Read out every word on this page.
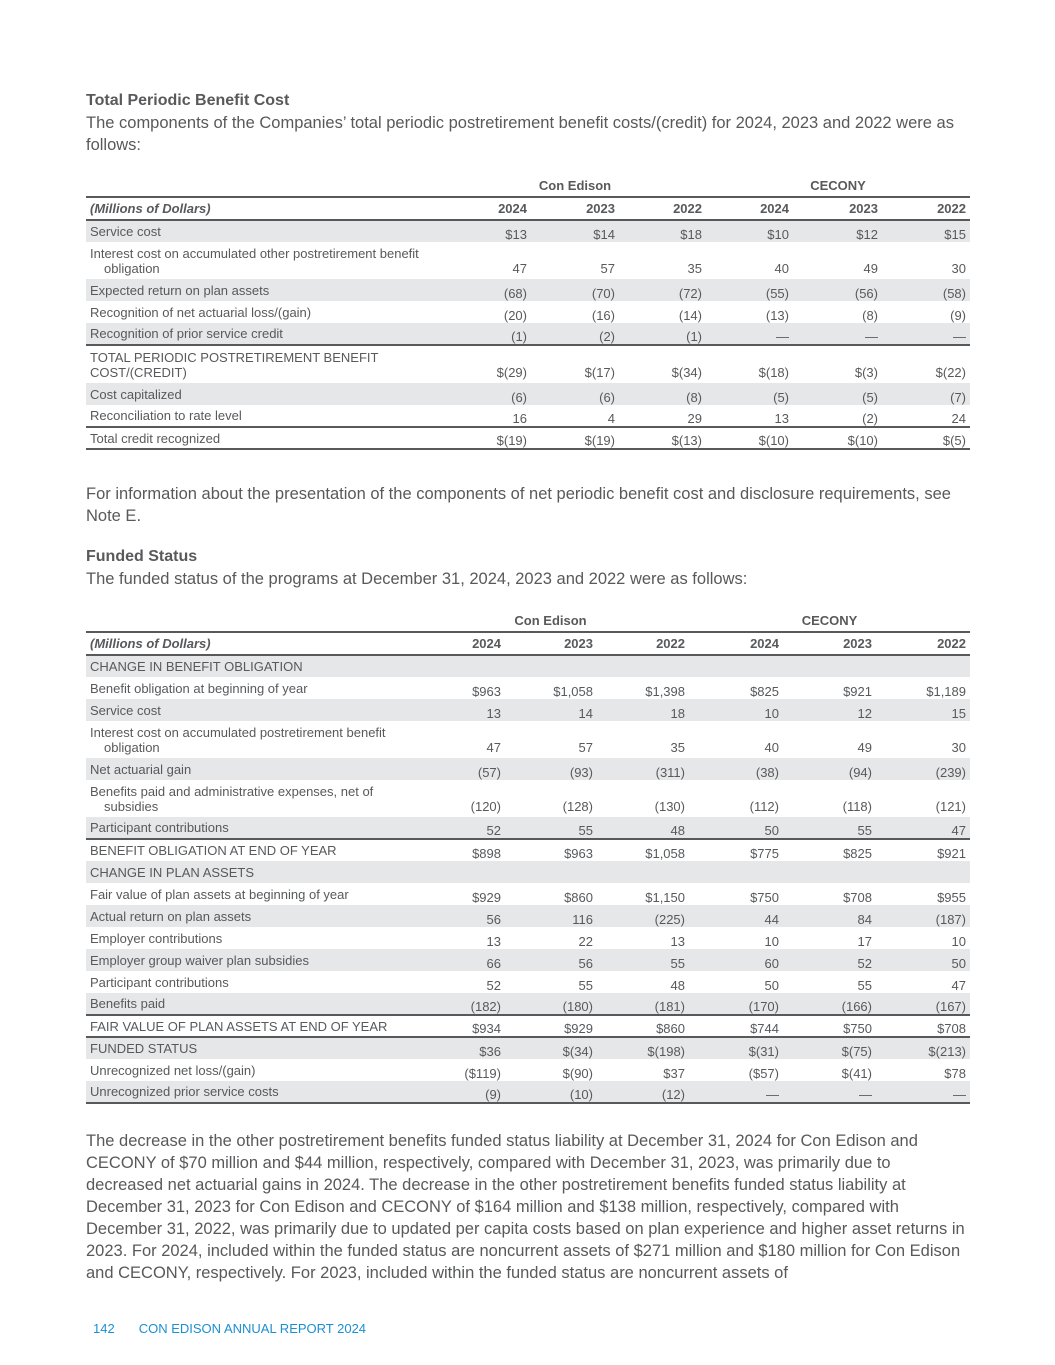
Total Periodic Benefit Cost
The components of the Companies’ total periodic postretirement benefit costs/(credit) for 2024, 2023 and 2022 were as follows:
	Con Edison			CECONY		
(Millions of Dollars)	2024	2023	2022	2024	2023	2022
Service cost	$13	$14	$18	$10	$12	$15

Interest cost on accumulated other postretirement benefit
obligation	47	57	35	40	49	30
Expected return on plan assets	(68)	(70)	(72)	(55)	(56)	(58)
Recognition of net actuarial loss/(gain)	(20)	(16)	(14)	(13)	(8)	(9)
Recognition of prior service credit	(1)	(2)	(1)	—	—	—

TOTAL PERIODIC POSTRETIREMENT BENEFIT
COST/(CREDIT)	$(29)	$(17)	$(34)	$(18)	$(3)	$(22)
Cost capitalized	(6)	(6)	(8)	(5)	(5)	(7)
Reconciliation to rate level	16	4	29	13	(2)	24
Total credit recognized	$(19)	$(19)	$(13)	$(10)	$(10)	$(5)
For information about the presentation of the components of net periodic benefit cost and disclosure requirements, see Note E.
Funded Status
The funded status of the programs at December 31, 2024, 2023 and 2022 were as follows:
	Con Edison			CECONY		
(Millions of Dollars)	2024	2023	2022	2024	2023	2022
CHANGE IN BENEFIT OBLIGATION						
Benefit obligation at beginning of year	$963	$1,058	$1,398	$825	$921	$1,189
Service cost	13	14	18	10	12	15

Interest cost on accumulated postretirement benefit
obligation	47	57	35	40	49	30
Net actuarial gain	(57)	(93)	(311)	(38)	(94)	(239)

Benefits paid and administrative expenses, net of
subsidies	(120)	(128)	(130)	(112)	(118)	(121)
Participant contributions	52	55	48	50	55	47
BENEFIT OBLIGATION AT END OF YEAR	$898	$963	$1,058	$775	$825	$921
CHANGE IN PLAN ASSETS						
Fair value of plan assets at beginning of year	$929	$860	$1,150	$750	$708	$955
Actual return on plan assets	56	116	(225)	44	84	(187)
Employer contributions	13	22	13	10	17	10
Employer group waiver plan subsidies	66	56	55	60	52	50
Participant contributions	52	55	48	50	55	47
Benefits paid	(182)	(180)	(181)	(170)	(166)	(167)
FAIR VALUE OF PLAN ASSETS AT END OF YEAR	$934	$929	$860	$744	$750	$708
FUNDED STATUS	$36	$(34)	$(198)	$(31)	$(75)	$(213)
Unrecognized net loss/(gain)	($119)	$(90)	$37	($57)	$(41)	$78
Unrecognized prior service costs	(9)	(10)	(12)	—	—	—
The decrease in the other postretirement benefits funded status liability at December 31, 2024 for Con Edison and CECONY of $70 million and $44 million, respectively, compared with December 31, 2023, was primarily due to decreased net actuarial gains in 2024. The decrease in the other postretirement benefits funded status liability at December 31, 2023 for Con Edison and CECONY of $164 million and $138 million, respectively, compared with December 31, 2022, was primarily due to updated per capita costs based on plan experience and higher asset returns in 2023. For 2024, included within the funded status are noncurrent assets of $271 million and $180 million for Con Edison and CECONY, respectively. For 2023, included within the funded status are noncurrent assets of
142 CON EDISON ANNUAL REPORT 2024
